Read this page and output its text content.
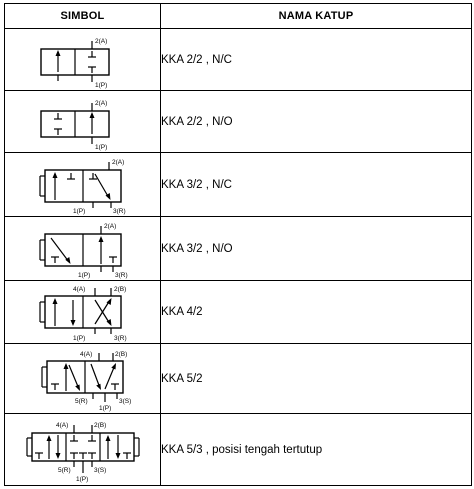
SIMBOL	NAMA KATUP

2(A)
1(P)	KKA 2/2 , N/C

2(A)
1(P)	KKA 2/2 , N/O

2(A)
1(P) 3(R)	KKA 3/2 , N/C

2(A)
1(P) 3(R)	KKA 3/2 , N/O

4(A) 2(B)
1(P) 3(R)	KKA 4/2

4(A) 2(B)
5(R) 3(S)
1(P)	KKA 5/2

4(A) 2(B)
5(R) 3(S)
1(P)	KKA 5/3 , posisi tengah tertutup
